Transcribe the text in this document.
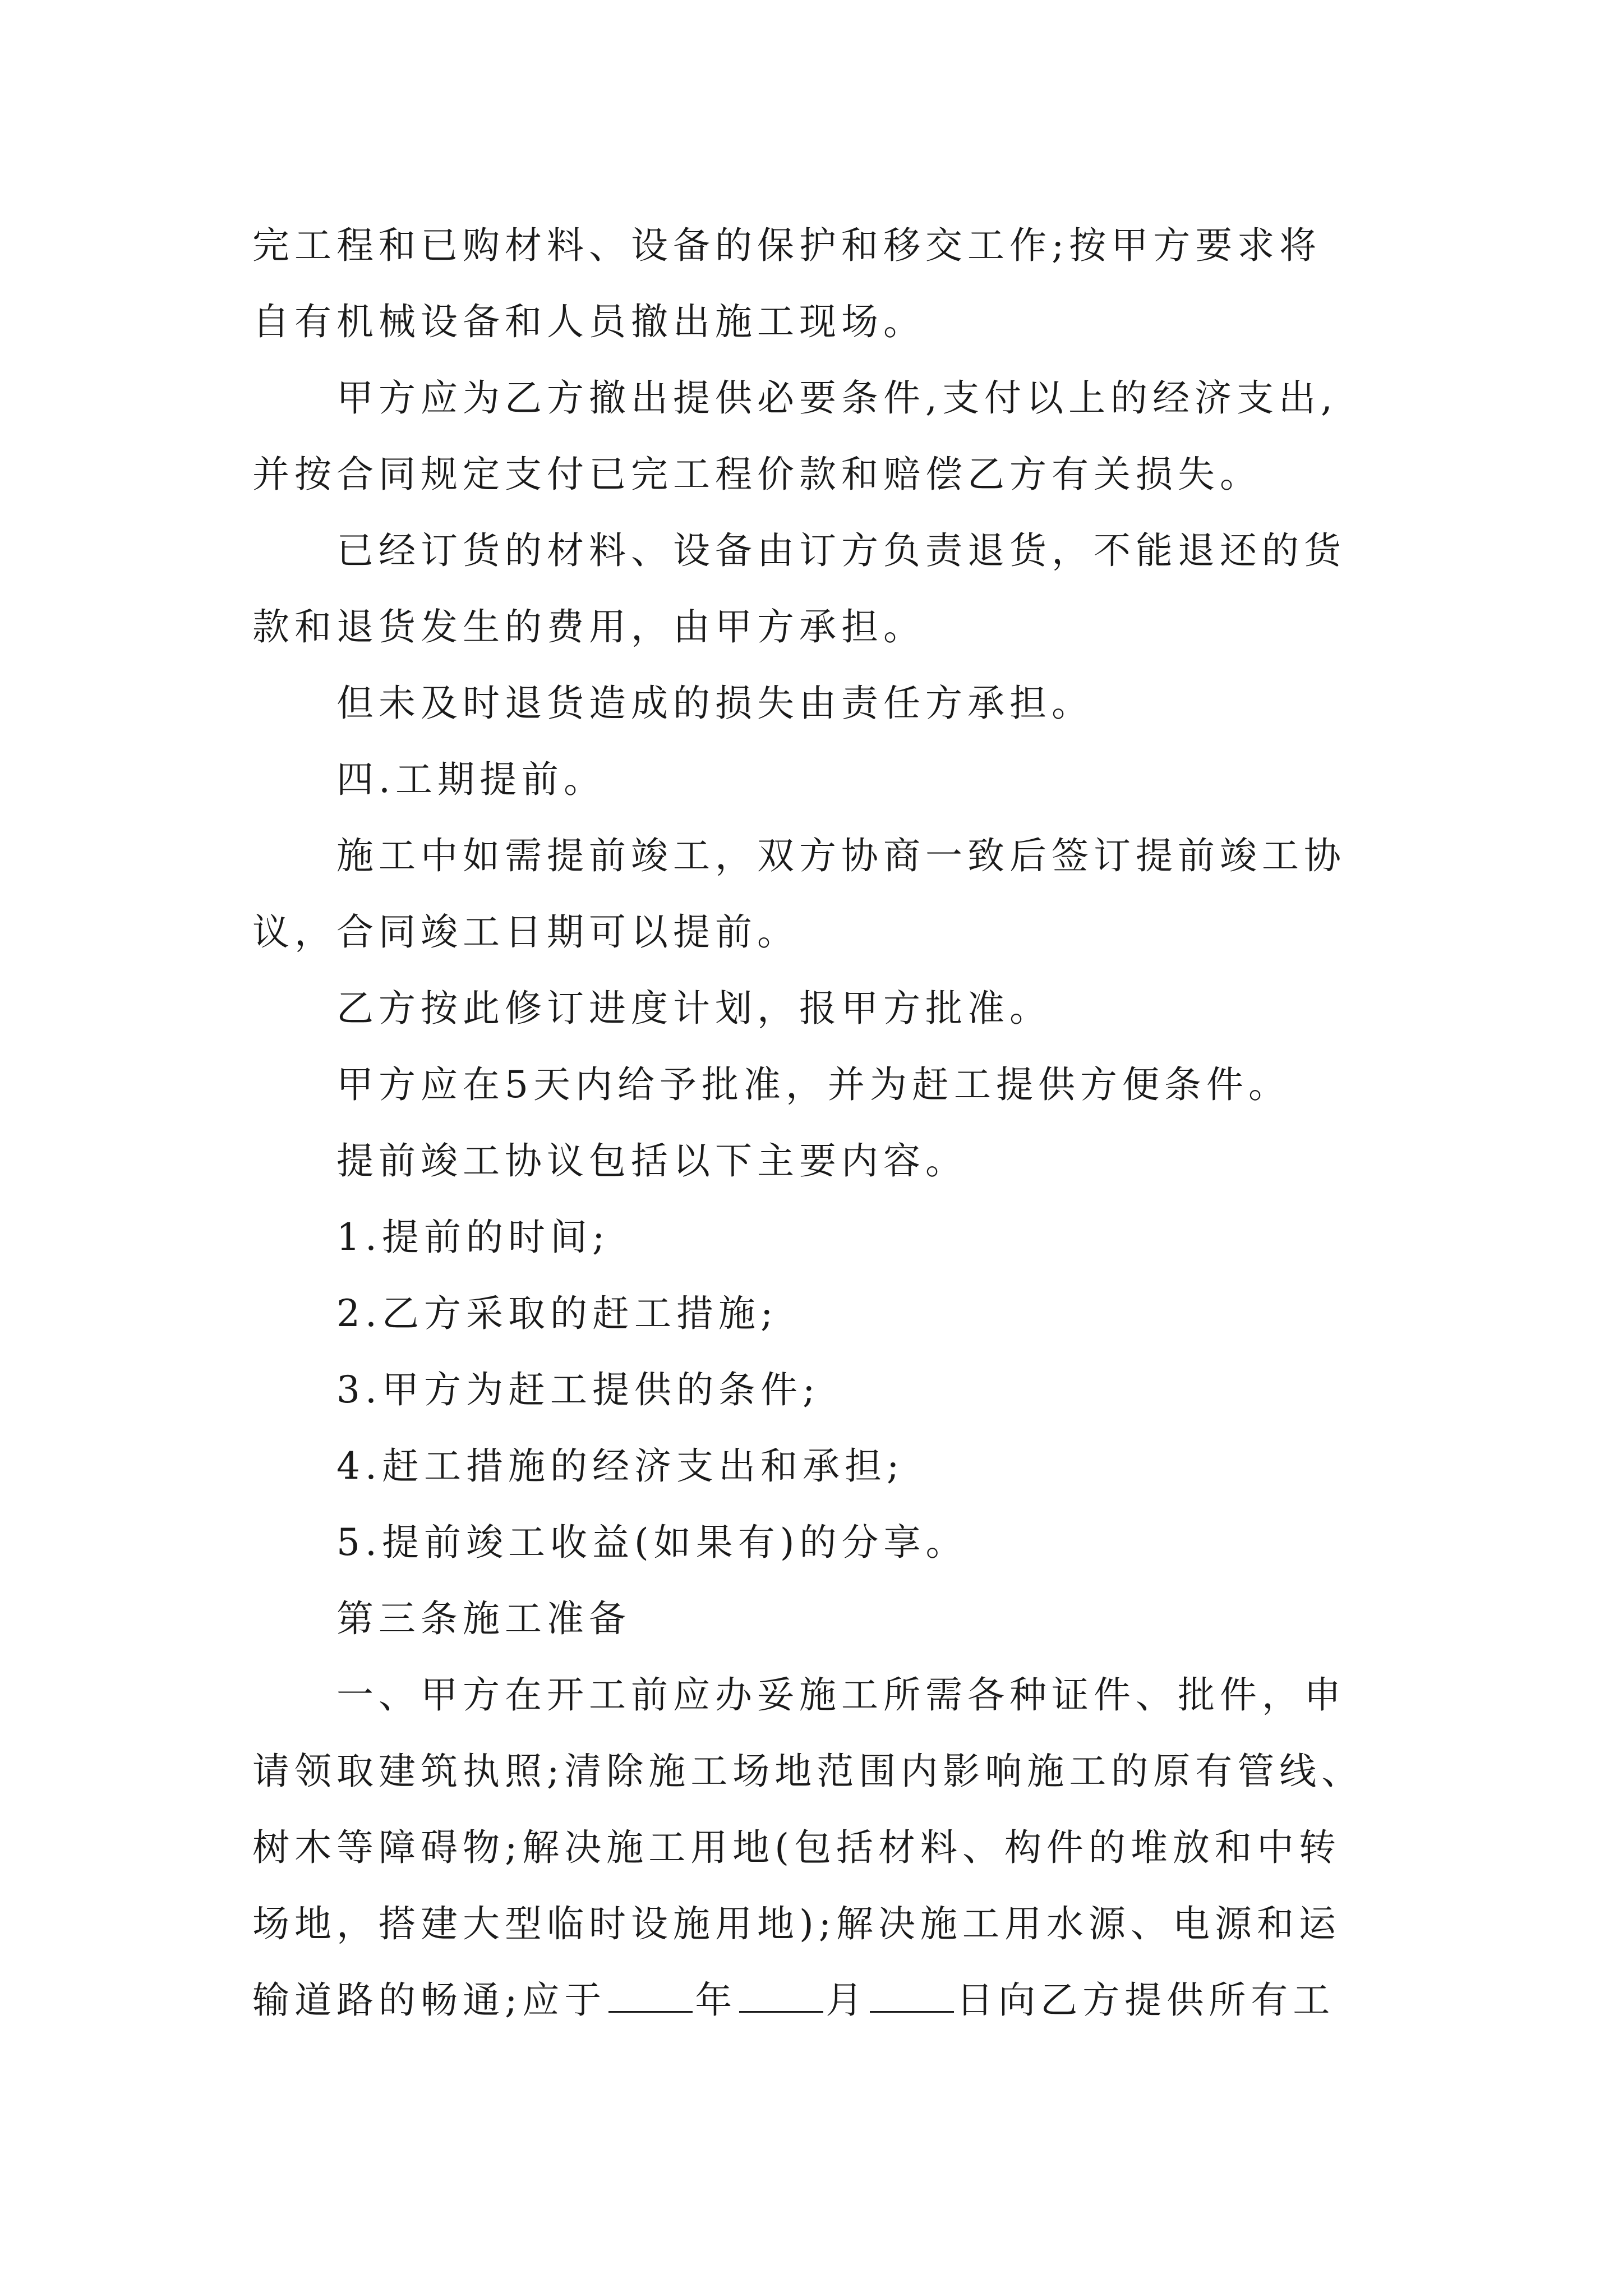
完工程和已购材料、设备的保护和移交工作;按甲方要求将
自有机械设备和人员撤出施工现场。
甲方应为乙方撤出提供必要条件,支付以上的经济支出,
并按合同规定支付已完工程价款和赔偿乙方有关损失。
已经订货的材料、设备由订方负责退货，不能退还的货
款和退货发生的费用，由甲方承担。
但未及时退货造成的损失由责任方承担。
四.工期提前。
施工中如需提前竣工，双方协商一致后签订提前竣工协
议，合同竣工日期可以提前。
乙方按此修订进度计划，报甲方批准。
甲方应在5天内给予批准，并为赶工提供方便条件。
提前竣工协议包括以下主要内容。
1.提前的时间;
2.乙方采取的赶工措施;
3.甲方为赶工提供的条件;
4.赶工措施的经济支出和承担;
5.提前竣工收益(如果有)的分享。
第三条施工准备
一、甲方在开工前应办妥施工所需各种证件、批件，申
请领取建筑执照;清除施工场地范围内影响施工的原有管线、
树木等障碍物;解决施工用地(包括材料、构件的堆放和中转
场地，搭建大型临时设施用地);解决施工用水源、电源和运
输道路的畅通;应于 年 月 日向乙方提供所有工
